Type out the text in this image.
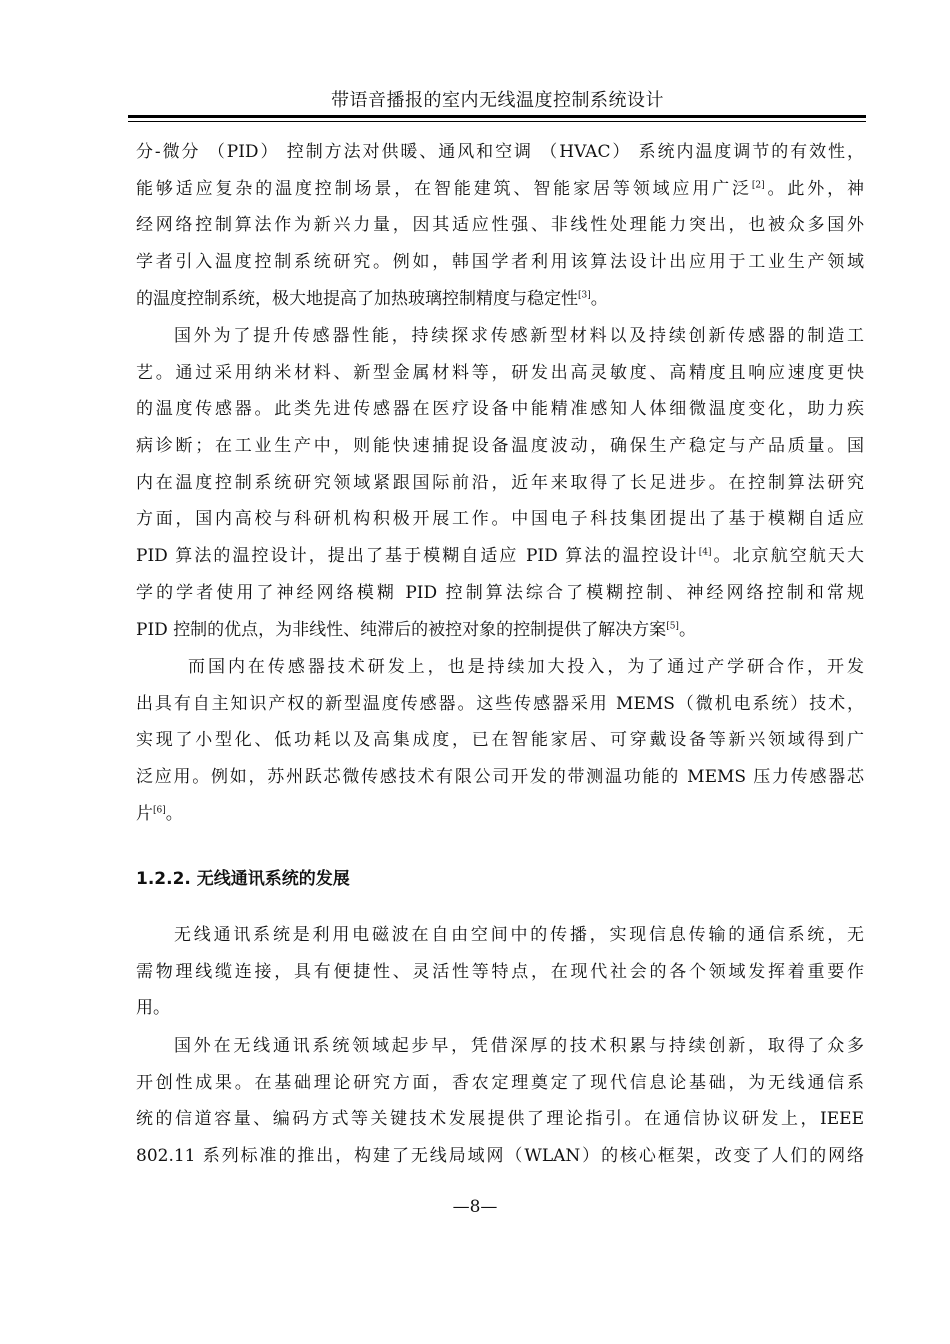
带语音播报的室内无线温度控制系统设计
分-微分 （PID） 控制方法对供暖、通风和空调 （HVAC） 系统内温度调节的有效性，
能够适应复杂的温度控制场景，在智能建筑、智能家居等领域应用广泛[2]。此外，神
经网络控制算法作为新兴力量，因其适应性强、非线性处理能力突出，也被众多国外
学者引入温度控制系统研究。例如，韩国学者利用该算法设计出应用于工业生产领域
的温度控制系统，极大地提高了加热玻璃控制精度与稳定性[3]。
国外为了提升传感器性能，持续探求传感新型材料以及持续创新传感器的制造工
艺。通过采用纳米材料、新型金属材料等，研发出高灵敏度、高精度且响应速度更快
的温度传感器。此类先进传感器在医疗设备中能精准感知人体细微温度变化，助力疾
病诊断；在工业生产中，则能快速捕捉设备温度波动，确保生产稳定与产品质量。国
内在温度控制系统研究领域紧跟国际前沿，近年来取得了长足进步。在控制算法研究
方面，国内高校与科研机构积极开展工作。中国电子科技集团提出了基于模糊自适应
PID 算法的温控设计，提出了基于模糊自适应 PID 算法的温控设计[4]。北京航空航天大
学的学者使用了神经网络模糊 PID 控制算法综合了模糊控制、神经网络控制和常规
PID 控制的优点，为非线性、纯滞后的被控对象的控制提供了解决方案[5]。
而国内在传感器技术研发上，也是持续加大投入，为了通过产学研合作，开发
出具有自主知识产权的新型温度传感器。这些传感器采用 MEMS（微机电系统）技术，
实现了小型化、低功耗以及高集成度，已在智能家居、可穿戴设备等新兴领域得到广
泛应用。例如，苏州跃芯微传感技术有限公司开发的带测温功能的 MEMS 压力传感器芯
片[6]。
1.2.2. 无线通讯系统的发展
无线通讯系统是利用电磁波在自由空间中的传播，实现信息传输的通信系统，无
需物理线缆连接，具有便捷性、灵活性等特点，在现代社会的各个领域发挥着重要作
用。
国外在无线通讯系统领域起步早，凭借深厚的技术积累与持续创新，取得了众多
开创性成果。在基础理论研究方面，香农定理奠定了现代信息论基础，为无线通信系
统的信道容量、编码方式等关键技术发展提供了理论指引。在通信协议研发上，IEEE
802.11 系列标准的推出，构建了无线局域网（WLAN）的核心框架，改变了人们的网络
—8—
